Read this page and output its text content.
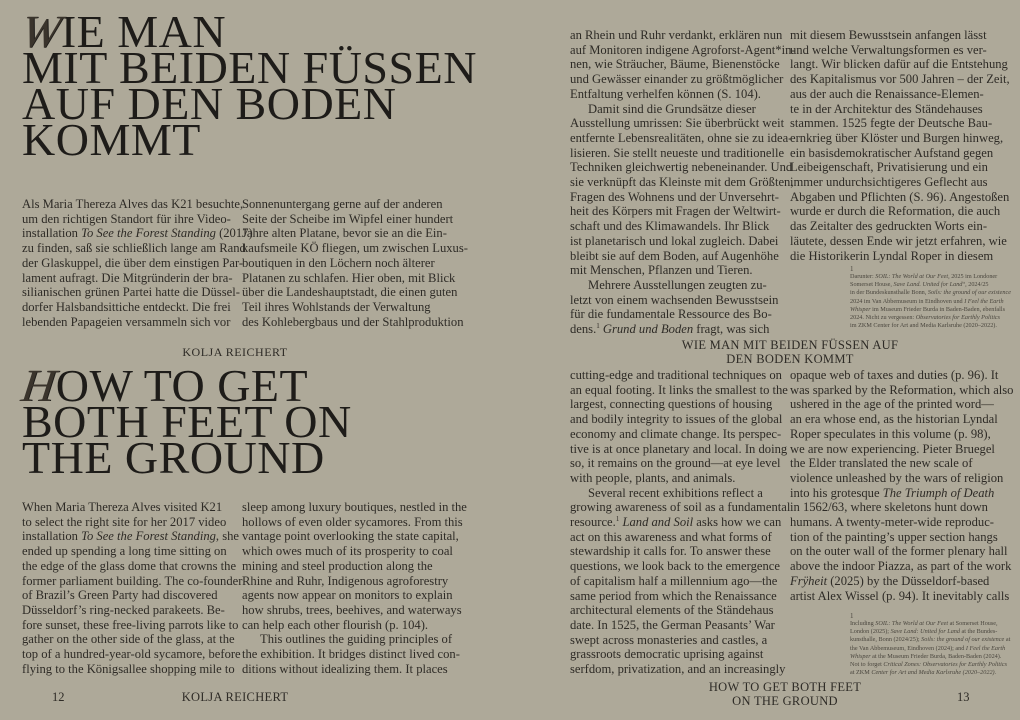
WIE MAN
MIT BEIDEN FÜSSEN
AUF DEN BODEN
KOMMT
Als Maria Thereza Alves das K21 besuchte,
um den richtigen Standort für ihre Video-
installation To See the Forest Standing (2017)
zu finden, saß sie schließlich lange am Rand
der Glaskuppel, die über dem einstigen Par-
lament aufragt. Die Mitgründerin der bra-
silianischen grünen Partei hatte die Düssel-
dorfer Halsbandsittiche entdeckt. Die frei
lebenden Papageien versammeln sich vor
Sonnenuntergang gerne auf der anderen
Seite der Scheibe im Wipfel einer hundert
Jahre alten Platane, bevor sie an die Ein-
kaufsmeile KÖ fliegen, um zwischen Luxus-
boutiquen in den Löchern noch älterer
Platanen zu schlafen. Hier oben, mit Blick
über die Landeshauptstadt, die einen guten
Teil ihres Wohlstands der Verwaltung
des Kohlebergbaus und der Stahlproduktion
KOLJA REICHERT
HOW TO GET
BOTH FEET ON
THE GROUND
When Maria Thereza Alves visited K21
to select the right site for her 2017 video
installation To See the Forest Standing, she
ended up spending a long time sitting on
the edge of the glass dome that crowns the
former parliament building. The co-founder
of Brazil’s Green Party had discovered
Düsseldorf’s ring-necked parakeets. Be-
fore sunset, these free-living parrots like to
gather on the other side of the glass, at the
top of a hundred-year-old sycamore, before
flying to the Königsallee shopping mile to
sleep among luxury boutiques, nestled in the
hollows of even older sycamores. From this
vantage point overlooking the state capital,
which owes much of its prosperity to coal
mining and steel production along the
Rhine and Ruhr, Indigenous agroforestry
agents now appear on monitors to explain
how shrubs, trees, beehives, and waterways
can help each other flourish (p. 104).
This outlines the guiding principles of
the exhibition. It bridges distinct lived con-
ditions without idealizing them. It places
12	KOLJA REICHERT
an Rhein und Ruhr verdankt, erklären nun
auf Monitoren indigene Agroforst-Agent*in-
nen, wie Sträucher, Bäume, Bienenstöcke
und Gewässer einander zu größtmöglicher
Entfaltung verhelfen können (S. 104).
Damit sind die Grundsätze dieser
Ausstellung umrissen: Sie überbrückt weit
entfernte Lebensrealitäten, ohne sie zu idea-
lisieren. Sie stellt neueste und traditionelle
Techniken gleichwertig nebeneinander. Und
sie verknüpft das Kleinste mit dem Größten,
Fragen des Wohnens und der Unversehrt-
heit des Körpers mit Fragen der Weltwirt-
schaft und des Klimawandels. Ihr Blick
ist planetarisch und lokal zugleich. Dabei
bleibt sie auf dem Boden, auf Augenhöhe
mit Menschen, Pflanzen und Tieren.
Mehrere Ausstellungen zeugten zu-
letzt von einem wachsenden Bewusstsein
für die fundamentale Ressource des Bo-
dens.$^1$ Grund und Boden fragt, was sich
mit diesem Bewusstsein anfangen lässt
und welche Verwaltungsformen es ver-
langt. Wir blicken dafür auf die Entstehung
des Kapitalismus vor 500 Jahren – der Zeit,
aus der auch die Renaissance-Elemen-
te in der Architektur des Ständehauses
stammen. 1525 fegte der Deutsche Bau-
ernkrieg über Klöster und Burgen hinweg,
ein basisdemokratischer Aufstand gegen
Leibeigenschaft, Privatisierung und ein
immer undurchsichtigeres Geflecht aus
Abgaben und Pflichten (S. 96). Angestoßen
wurde er durch die Reformation, die auch
das Zeitalter des gedruckten Worts ein-
läutete, dessen Ende wir jetzt erfahren, wie
die Historikerin Lyndal Roper in diesem
1
Darunter: SOIL: The World at Our Feet, 2025 im Londoner
Somerset House, Save Land. United for Land“, 2024/25
in der Bundeskunsthalle Bonn, Soils: the ground of our existence
2024 im Van Abbemuseum in Eindhoven und I Feel the Earth
Whisper im Museum Frieder Burda in Baden-Baden, ebenfalls
2024. Nicht zu vergessen: Observatories for Earthly Politics
im ZKM Center for Art and Media Karlsruhe (2020–2022).
WIE MAN MIT BEIDEN FÜSSEN AUF
DEN BODEN KOMMT
cutting-edge and traditional techniques on
an equal footing. It links the smallest to the
largest, connecting questions of housing
and bodily integrity to issues of the global
economy and climate change. Its perspec-
tive is at once planetary and local. In doing
so, it remains on the ground—at eye level
with people, plants, and animals.
Several recent exhibitions reflect a
growing awareness of soil as a fundamental
resource.$^1$ Land and Soil asks how we can
act on this awareness and what forms of
stewardship it calls for. To answer these
questions, we look back to the emergence
of capitalism half a millennium ago—the
same period from which the Renaissance
architectural elements of the Ständehaus
date. In 1525, the German Peasants’ War
swept across monasteries and castles, a
grassroots democratic uprising against
serfdom, privatization, and an increasingly
opaque web of taxes and duties (p. 96). It
was sparked by the Reformation, which also
ushered in the age of the printed word—
an era whose end, as the historian Lyndal
Roper speculates in this volume (p. 98),
we are now experiencing. Pieter Bruegel
the Elder translated the new scale of
violence unleashed by the wars of religion
into his grotesque The Triumph of Death
in 1562/63, where skeletons hunt down
humans. A twenty-meter-wide reproduc-
tion of the painting’s upper section hangs
on the outer wall of the former plenary hall
above the indoor Piazza, as part of the work
Frÿheit (2025) by the Düsseldorf-based
artist Alex Wissel (p. 94). It inevitably calls
1
Including SOIL: The World at Our Feet at Somerset House,
London (2025); Save Land: United for Land at the Bundes-
kunsthalle, Bonn (2024/25); Soils: the ground of our existence at
the Van Abbemuseum, Eindhoven (2024); and I Feel the Earth
Whisper at the Museum Frieder Burda, Baden-Baden (2024).
Not to forget Critical Zones: Observatories for Earthly Politics
at ZKM Center for Art and Media Karlsruhe (2020–2022).
HOW TO GET BOTH FEET
ON THE GROUND	13
